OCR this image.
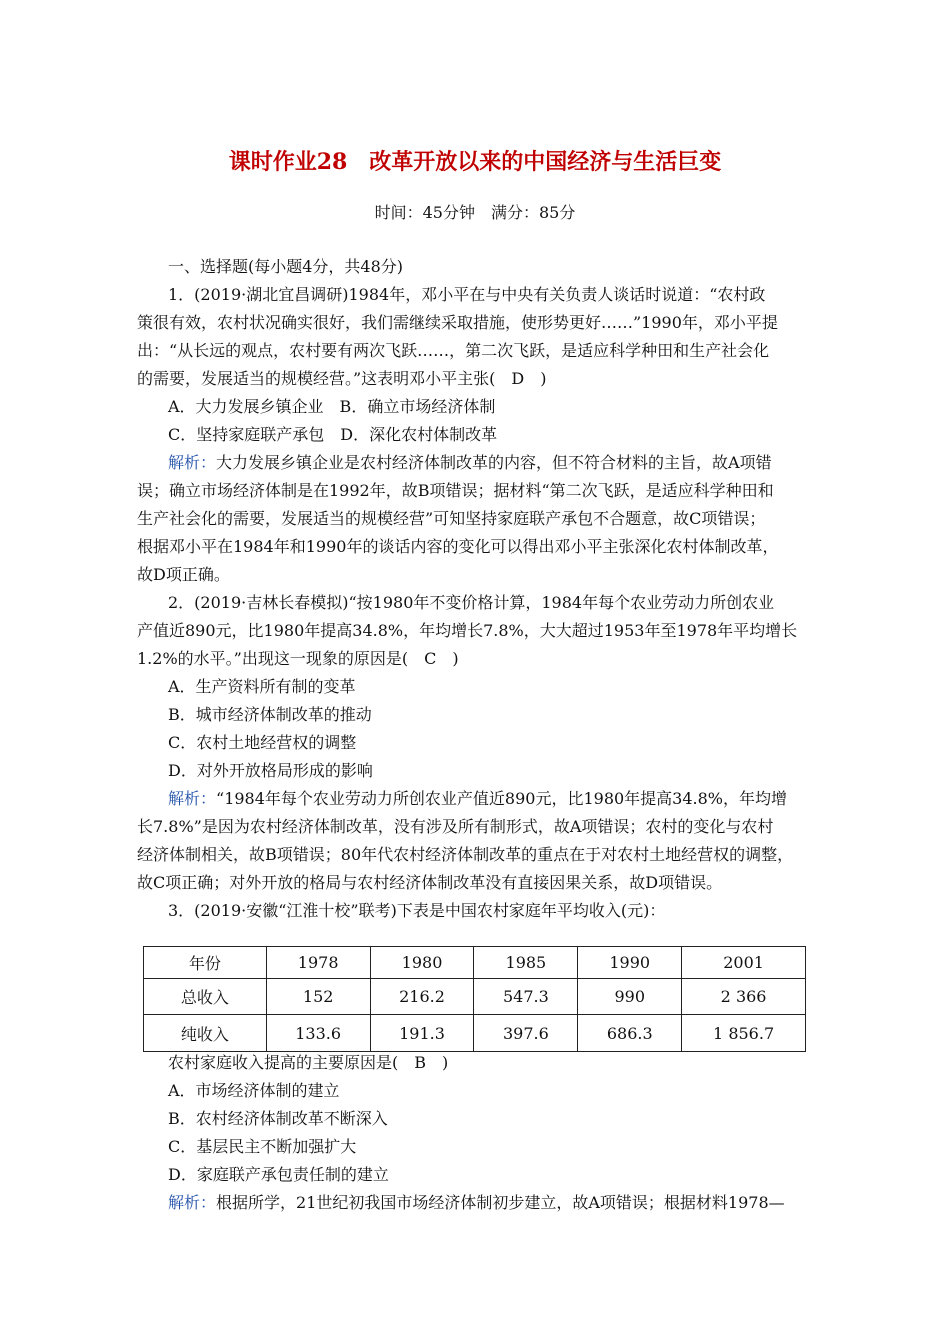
课时作业28　改革开放以来的中国经济与生活巨变
时间：45分钟　满分：85分
一、选择题(每小题4分，共48分)
1．(2019·湖北宜昌调研)1984年，邓小平在与中央有关负责人谈话时说道：“农村政
策很有效，农村状况确实很好，我们需继续采取措施，使形势更好……”1990年，邓小平提
出：“从长远的观点，农村要有两次飞跃……，第二次飞跃，是适应科学种田和生产社会化
的需要，发展适当的规模经营。”这表明邓小平主张(　D　)
A．大力发展乡镇企业　B．确立市场经济体制
C．坚持家庭联产承包　D．深化农村体制改革
解析：大力发展乡镇企业是农村经济体制改革的内容，但不符合材料的主旨，故A项错
误；确立市场经济体制是在1992年，故B项错误；据材料“第二次飞跃，是适应科学种田和
生产社会化的需要，发展适当的规模经营”可知坚持家庭联产承包不合题意，故C项错误；
根据邓小平在1984年和1990年的谈话内容的变化可以得出邓小平主张深化农村体制改革，
故D项正确。
2．(2019·吉林长春模拟)“按1980年不变价格计算，1984年每个农业劳动力所创农业
产值近890元，比1980年提高34.8%，年均增长7.8%，大大超过1953年至1978年平均增长
1.2%的水平。”出现这一现象的原因是(　C　)
A．生产资料所有制的变革
B．城市经济体制改革的推动
C．农村土地经营权的调整
D．对外开放格局形成的影响
解析：“1984年每个农业劳动力所创农业产值近890元，比1980年提高34.8%，年均增
长7.8%”是因为农村经济体制改革，没有涉及所有制形式，故A项错误；农村的变化与农村
经济体制相关，故B项错误；80年代农村经济体制改革的重点在于对农村土地经营权的调整，
故C项正确；对外开放的格局与农村经济体制改革没有直接因果关系，故D项错误。
3．(2019·安徽“江淮十校”联考)下表是中国农村家庭年平均收入(元)：
年份	1978	1980	1985	1990	2001
总收入	152	216.2	547.3	990	2 366
纯收入	133.6	191.3	397.6	686.3	1 856.7
农村家庭收入提高的主要原因是(　B　)
A．市场经济体制的建立
B．农村经济体制改革不断深入
C．基层民主不断加强扩大
D．家庭联产承包责任制的建立
解析：根据所学，21世纪初我国市场经济体制初步建立，故A项错误；根据材料1978—
